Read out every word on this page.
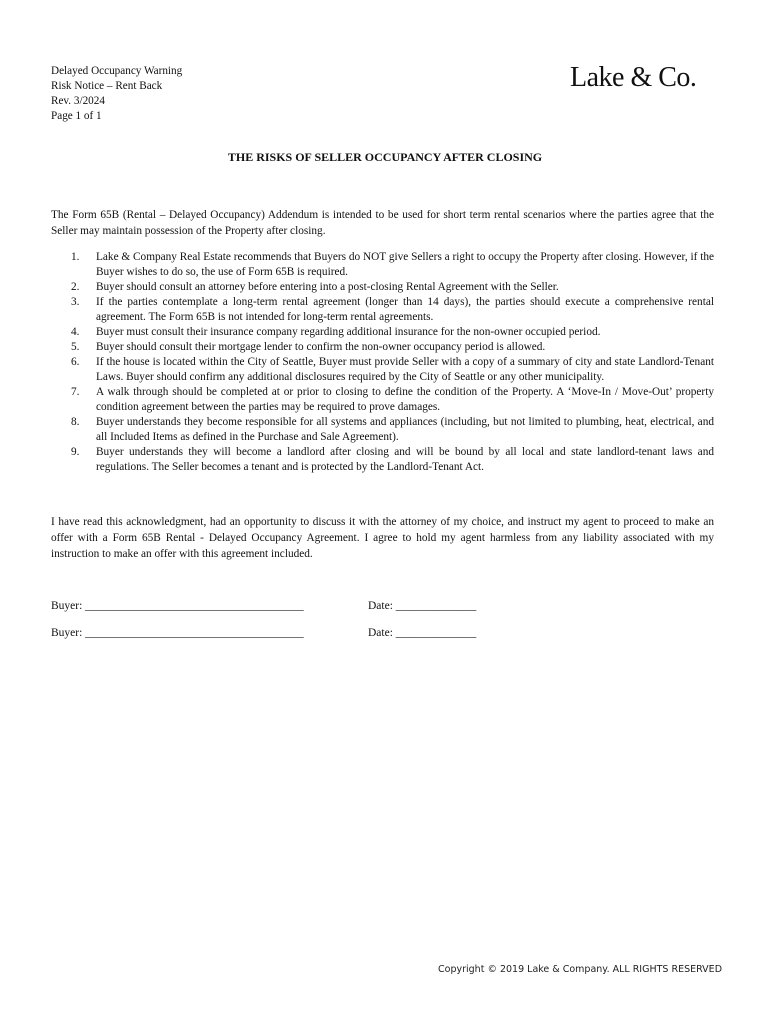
Delayed Occupancy Warning
Risk Notice – Rent Back
Rev. 3/2024
Page 1 of 1
Lake & Co.
THE RISKS OF SELLER OCCUPANCY AFTER CLOSING
The Form 65B (Rental – Delayed Occupancy) Addendum is intended to be used for short term rental scenarios where the parties agree that the Seller may maintain possession of the Property after closing.
1. Lake & Company Real Estate recommends that Buyers do NOT give Sellers a right to occupy the Property after closing. However, if the Buyer wishes to do so, the use of Form 65B is required.
2. Buyer should consult an attorney before entering into a post-closing Rental Agreement with the Seller.
3. If the parties contemplate a long-term rental agreement (longer than 14 days), the parties should execute a comprehensive rental agreement. The Form 65B is not intended for long-term rental agreements.
4. Buyer must consult their insurance company regarding additional insurance for the non-owner occupied period.
5. Buyer should consult their mortgage lender to confirm the non-owner occupancy period is allowed.
6. If the house is located within the City of Seattle, Buyer must provide Seller with a copy of a summary of city and state Landlord-Tenant Laws. Buyer should confirm any additional disclosures required by the City of Seattle or any other municipality.
7. A walk through should be completed at or prior to closing to define the condition of the Property. A ‘Move-In / Move-Out’ property condition agreement between the parties may be required to prove damages.
8. Buyer understands they become responsible for all systems and appliances (including, but not limited to plumbing, heat, electrical, and all Included Items as defined in the Purchase and Sale Agreement).
9. Buyer understands they will become a landlord after closing and will be bound by all local and state landlord-tenant laws and regulations. The Seller becomes a tenant and is protected by the Landlord-Tenant Act.
I have read this acknowledgment, had an opportunity to discuss it with the attorney of my choice, and instruct my agent to proceed to make an offer with a Form 65B Rental - Delayed Occupancy Agreement. I agree to hold my agent harmless from any liability associated with my instruction to make an offer with this agreement included.
Buyer: ______________________________________	Date: ______________
Buyer: ______________________________________	Date: ______________
Copyright © 2019 Lake & Company. ALL RIGHTS RESERVED
